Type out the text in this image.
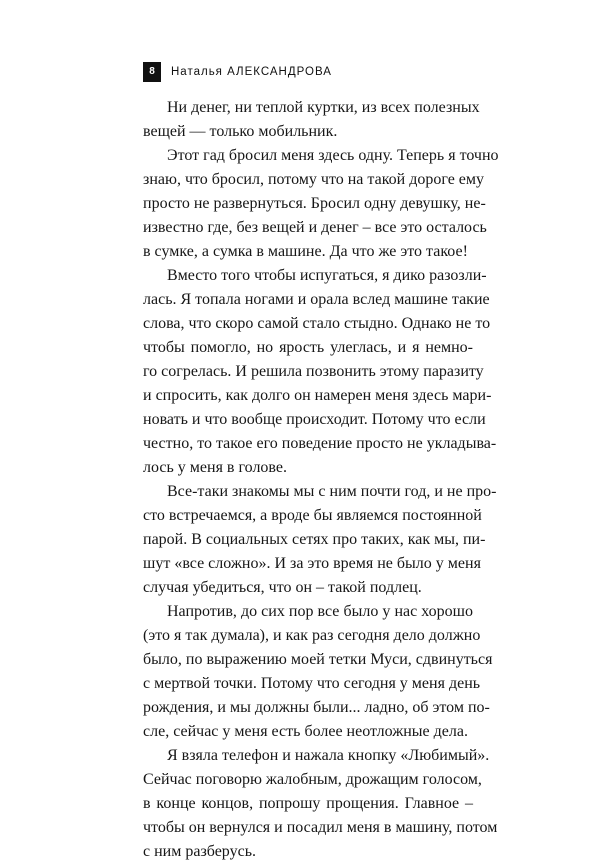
8	Наталья АЛЕКСАНДРОВА
Ни денег, ни теплой куртки, из всех полезных
вещей — только мобильник.
Этот гад бросил меня здесь одну. Теперь я точно
знаю, что бросил, потому что на такой дороге ему
просто не развернуться. Бросил одну девушку, не-
известно где, без вещей и денег – все это осталось
в сумке, а сумка в машине. Да что же это такое!
Вместо того чтобы испугаться, я дико разозли-
лась. Я топала ногами и орала вслед машине такие
слова, что скоро самой стало стыдно. Однако не то
чтобы помогло, но ярость улеглась, и я немно-
го согрелась. И решила позвонить этому паразиту
и спросить, как долго он намерен меня здесь мари-
новать и что вообще происходит. Потому что если
честно, то такое его поведение просто не укладыва-
лось у меня в голове.
Все-таки знакомы мы с ним почти год, и не про-
сто встречаемся, а вроде бы являемся постоянной
парой. В социальных сетях про таких, как мы, пи-
шут «все сложно». И за это время не было у меня
случая убедиться, что он – такой подлец.
Напротив, до сих пор все было у нас хорошо
(это я так думала), и как раз сегодня дело должно
было, по выражению моей тетки Муси, сдвинуться
с мертвой точки. Потому что сегодня у меня день
рождения, и мы должны были... ладно, об этом по-
сле, сейчас у меня есть более неотложные дела.
Я взяла телефон и нажала кнопку «Любимый».
Сейчас поговорю жалобным, дрожащим голосом,
в конце концов, попрошу прощения. Главное –
чтобы он вернулся и посадил меня в машину, потом
с ним разберусь.
